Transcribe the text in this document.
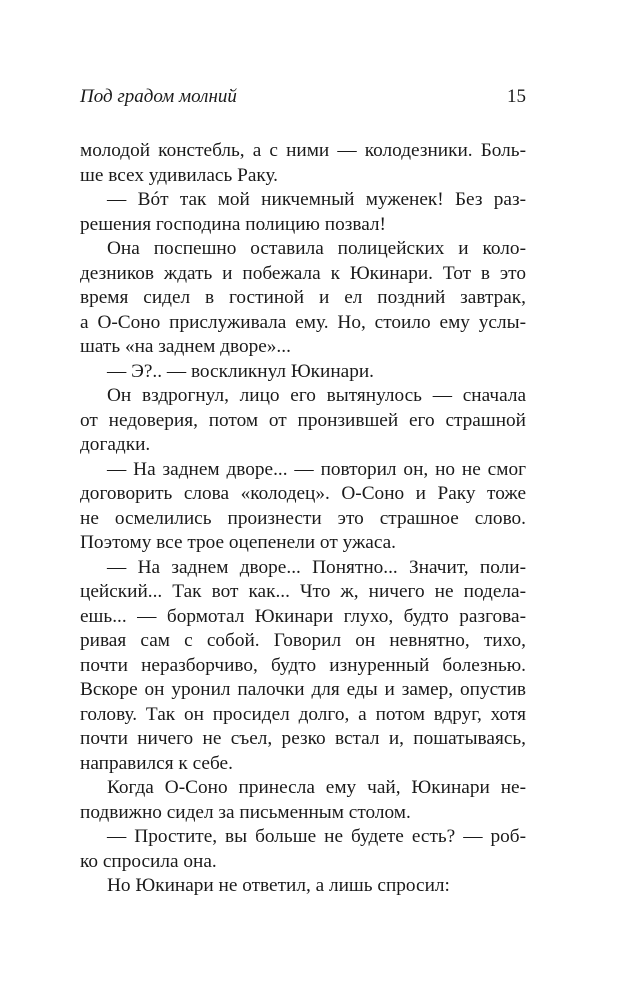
Под градом молний	15
молодой констебль, а с ними — колодезники. Боль-
ше всех удивилась Раку.
— Вóт так мой никчемный муженек! Без раз-
решения господина полицию позвал!
Она поспешно оставила полицейских и коло-
дезников ждать и побежала к Юкинари. Тот в это
время сидел в гостиной и ел поздний завтрак,
а О-Соно прислуживала ему. Но, стоило ему услы-
шать «на заднем дворе»...
— Э?.. — воскликнул Юкинари.
Он вздрогнул, лицо его вытянулось — сначала
от недоверия, потом от пронзившей его страшной
догадки.
— На заднем дворе... — повторил он, но не смог
договорить слова «колодец». О-Соно и Раку тоже
не осмелились произнести это страшное слово.
Поэтому все трое оцепенели от ужаса.
— На заднем дворе... Понятно... Значит, поли-
цейский... Так вот как... Что ж, ничего не подела-
ешь... — бормотал Юкинари глухо, будто разгова-
ривая сам с собой. Говорил он невнятно, тихо,
почти неразборчиво, будто изнуренный болезнью.
Вскоре он уронил палочки для еды и замер, опустив
голову. Так он просидел долго, а потом вдруг, хотя
почти ничего не съел, резко встал и, пошатываясь,
направился к себе.
Когда О-Соно принесла ему чай, Юкинари не-
подвижно сидел за письменным столом.
— Простите, вы больше не будете есть? — роб-
ко спросила она.
Но Юкинари не ответил, а лишь спросил:
